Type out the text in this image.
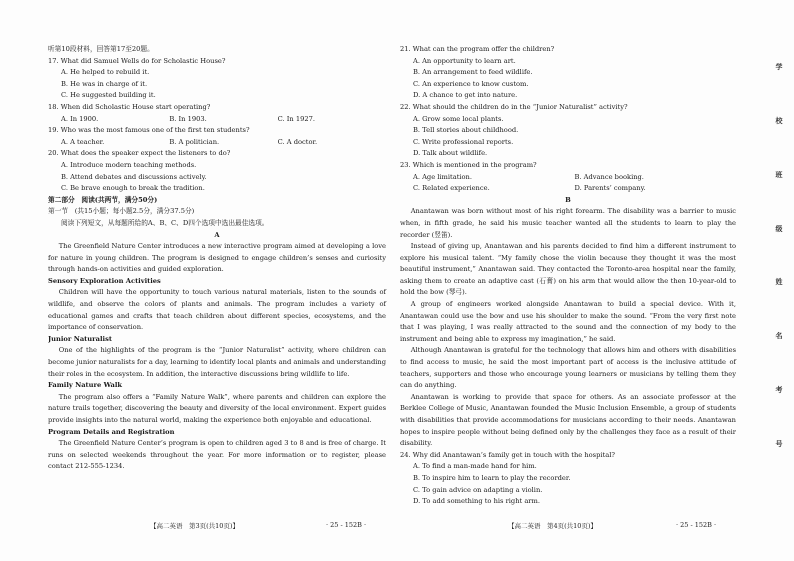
听第10段材料，回答第17至20题。
17. What did Samuel Wells do for Scholastic House?
A. He helped to rebuild it.
B. He was in charge of it.
C. He suggested building it.
18. When did Scholastic House start operating?
A. In 1900.	B. In 1903.	C. In 1927.
19. Who was the most famous one of the first ten students?
A. A teacher.	B. A politician.	C. A doctor.
20. What does the speaker expect the listeners to do?
A. Introduce modern teaching methods.
B. Attend debates and discussions actively.
C. Be brave enough to break the tradition.
第二部分　阅读(共两节，满分50分)
第一节　(共15小题；每小题2.5分，满分37.5分)
阅读下列短文，从每题所给的A、B、C、D四个选项中选出最佳选项。
A
The Greenfield Nature Center introduces a new interactive program aimed at developing a love for nature in young children. The program is designed to engage children’s senses and curiosity through hands-on activities and guided exploration.
Sensory Exploration Activities
Children will have the opportunity to touch various natural materials, listen to the sounds of wildlife, and observe the colors of plants and animals. The program includes a variety of educational games and crafts that teach children about different species, ecosystems, and the importance of conservation.
Junior Naturalist
One of the highlights of the program is the “Junior Naturalist” activity, where children can become junior naturalists for a day, learning to identify local plants and animals and understanding their roles in the ecosystem. In addition, the interactive discussions bring wildlife to life.
Family Nature Walk
The program also offers a “Family Nature Walk”, where parents and children can explore the nature trails together, discovering the beauty and diversity of the local environment. Expert guides provide insights into the natural world, making the experience both enjoyable and educational.
Program Details and Registration
The Greenfield Nature Center’s program is open to children aged 3 to 8 and is free of charge. It runs on selected weekends throughout the year. For more information or to register, please contact 212-555-1234.
21. What can the program offer the children?
A. An opportunity to learn art.
B. An arrangement to feed wildlife.
C. An experience to know custom.
D. A chance to get into nature.
22. What should the children do in the “Junior Naturalist” activity?
A. Grow some local plants.
B. Tell stories about childhood.
C. Write professional reports.
D. Talk about wildlife.
23. Which is mentioned in the program?
A. Age limitation.	B. Advance booking.
C. Related experience.	D. Parents’ company.
B
Anantawan was born without most of his right forearm. The disability was a barrier to music when, in fifth grade, he said his music teacher wanted all the students to learn to play the recorder (竖笛).
Instead of giving up, Anantawan and his parents decided to find him a different instrument to explore his musical talent. “My family chose the violin because they thought it was the most beautiful instrument,” Anantawan said. They contacted the Toronto-area hospital near the family, asking them to create an adaptive cast (石膏) on his arm that would allow the then 10-year-old to hold the bow (琴弓).
A group of engineers worked alongside Anantawan to build a special device. With it, Anantawan could use the bow and use his shoulder to make the sound. “From the very first note that I was playing, I was really attracted to the sound and the connection of my body to the instrument and being able to express my imagination,” he said.
Although Anantawan is grateful for the technology that allows him and others with disabilities to find access to music, he said the most important part of access is the inclusive attitude of teachers, supporters and those who encourage young learners or musicians by telling them they can do anything.
Anantawan is working to provide that space for others. As an associate professor at the Berklee College of Music, Anantawan founded the Music Inclusion Ensemble, a group of students with disabilities that provide accommodations for musicians according to their needs. Anantawan hopes to inspire people without being defined only by the challenges they face as a result of their disability.
24. Why did Anantawan’s family get in touch with the hospital?
A. To find a man-made hand for him.
B. To inspire him to learn to play the recorder.
C. To gain advice on adapting a violin.
D. To add something to his right arm.
【高二英语　第3页(共10页)】	· 25 - 152B ·	【高二英语　第4页(共10页)】	· 25 - 152B ·
学
校
班
级
姓
名
考
号
